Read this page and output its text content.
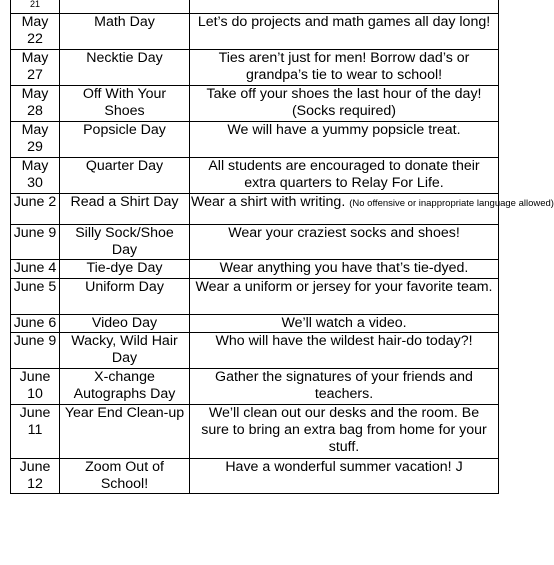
21		
May 22	Math Day	Let’s do projects and math games all day long!
May 27	Necktie Day	Ties aren’t just for men! Borrow dad’s or grandpa’s tie to wear to school!
May 28	Off With Your Shoes	Take off your shoes the last hour of the day! (Socks required)
May 29	Popsicle Day	We will have a yummy popsicle treat.
May 30	Quarter Day	All students are encouraged to donate their extra quarters to Relay For Life.
June 2	Read a Shirt Day	Wear a shirt with writing. (No offensive or inappropriate language allowed)
June 9	Silly Sock/Shoe Day	Wear your craziest socks and shoes!
June 4	Tie-dye Day	Wear anything you have that’s tie-dyed.
June 5	Uniform Day	Wear a uniform or jersey for your favorite team.
June 6	Video Day	We’ll watch a video.
June 9	Wacky, Wild Hair Day	Who will have the wildest hair-do today?!
June 10	X-change Autographs Day	Gather the signatures of your friends and teachers.
June 11	Year End Clean-up	We’ll clean out our desks and the room. Be sure to bring an extra bag from home for your stuff.
June 12	Zoom Out of School!	Have a wonderful summer vacation! J
